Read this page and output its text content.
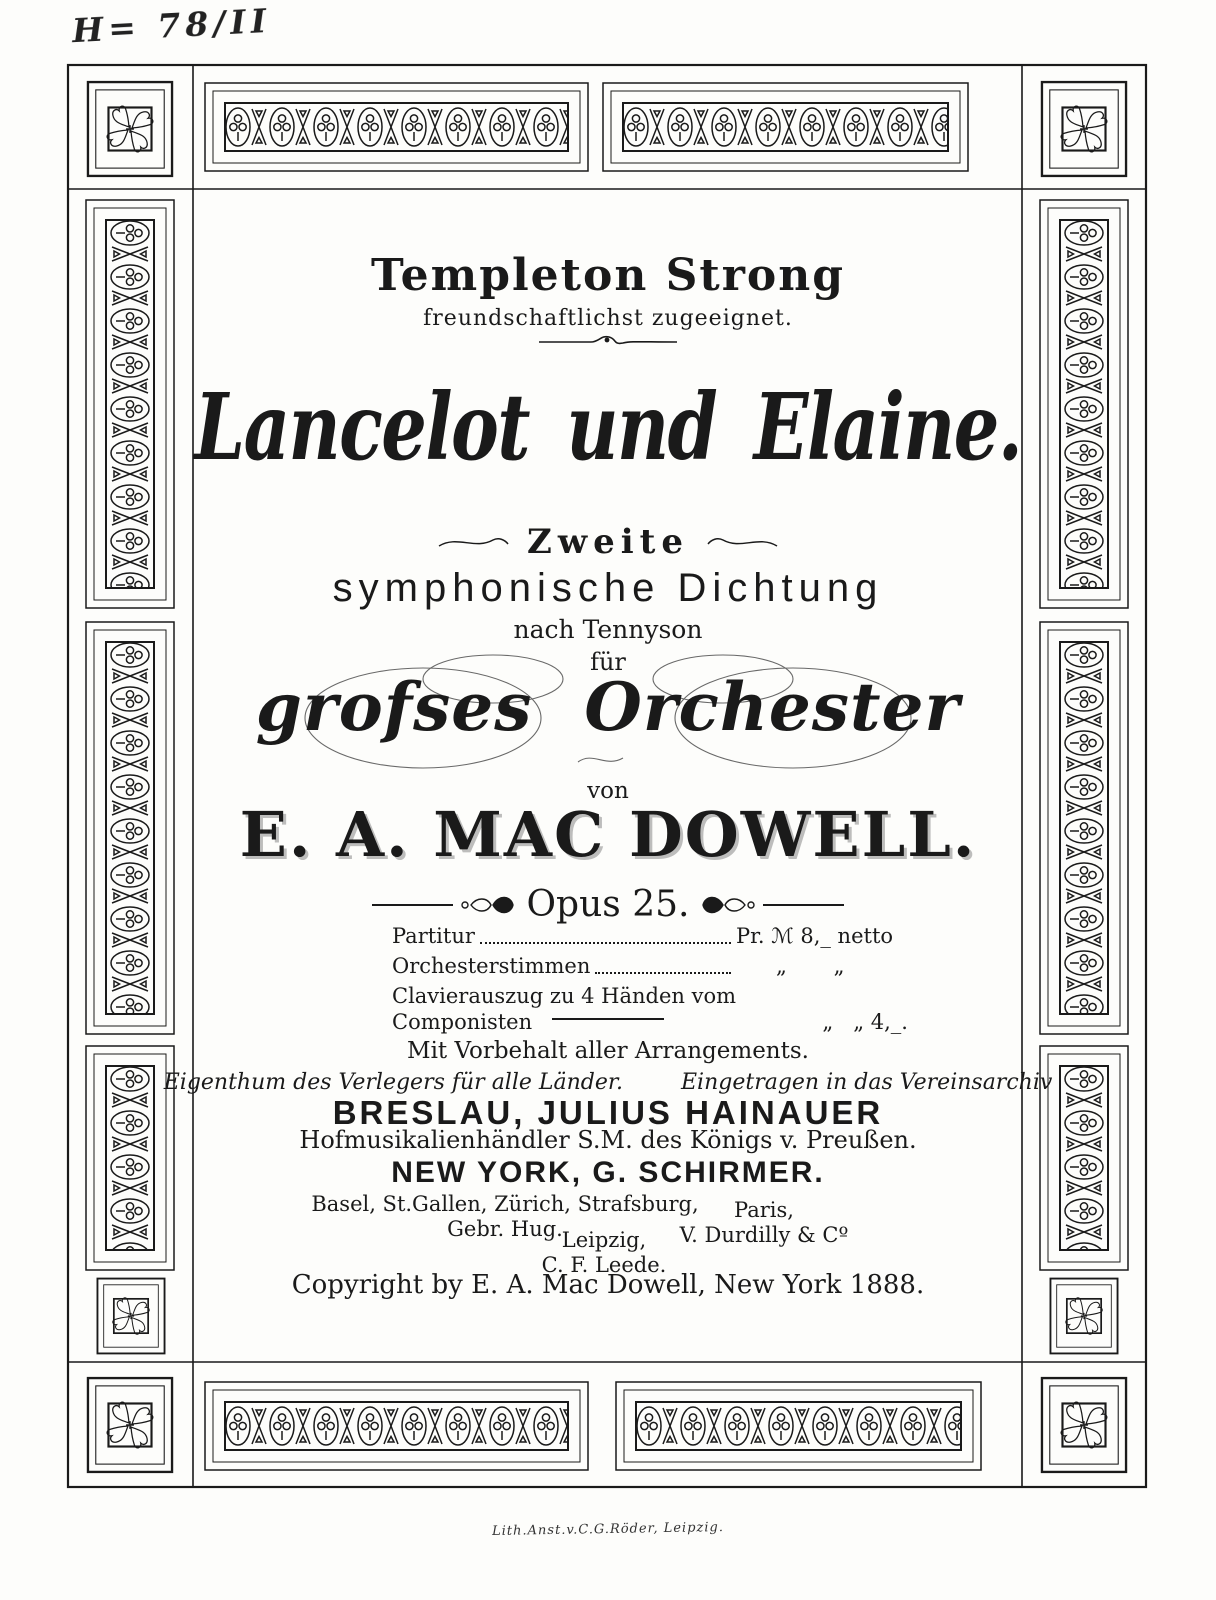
H= 78/II
Templeton Strong
freundschaftlichst zugeeignet.
Lancelot und Elaine.
Zweite
symphonische Dichtung
nach Tennyson
für
grofses Orchester
von
E. A. MAC DOWELL.
Opus 25.
Partitur	Pr. ℳ 8,_ netto
Orchesterstimmen	„       „
Clavierauszug zu 4 Händen vom Componisten	„   „ 4,_.
Mit Vorbehalt aller Arrangements.
Eigenthum des Verlegers für alle Länder.	Eingetragen in das Vereinsarchiv
BRESLAU, JULIUS HAINAUER
Hofmusikalienhändler S.M. des Königs v. Preußen.
NEW YORK, G. SCHIRMER.
Basel, St.Gallen, Zürich, Strafsburg,
Gebr. Hug.
Paris,
V. Durdilly & Cº
Leipzig,
C. F. Leede.
Copyright by E. A. Mac Dowell, New York 1888.
Lith.Anst.v.C.G.Röder, Leipzig.
